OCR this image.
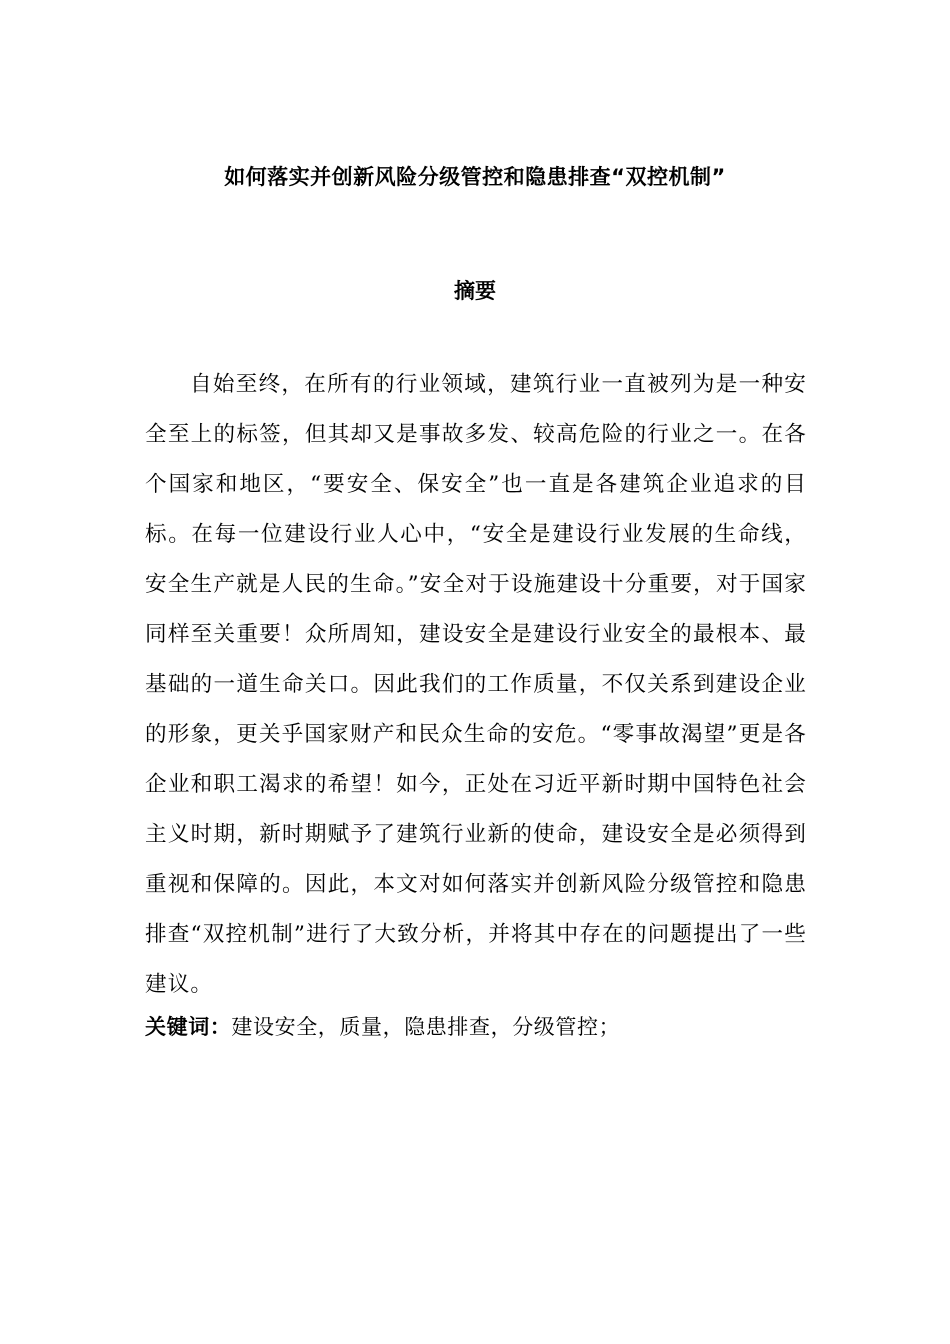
如何落实并创新风险分级管控和隐患排查“双控机制”
摘要

自始至终，在所有的行业领域，建筑行业一直被列为是一种安全至上的标签，但其却又是事故多发、较高危险的行业之一。在各个国家和地区，“要安全、保安全”也一直是各建筑企业追求的目标。在每一位建设行业人心中，“安全是建设行业发展的生命线，安全生产就是人民的生命。”安全对于设施建设十分重要，对于国家同样至关重要！众所周知，建设安全是建设行业安全的最根本、最基础的一道生命关口。因此我们的工作质量，不仅关系到建设企业的形象，更关乎国家财产和民众生命的安危。“零事故渴望”更是各企业和职工渴求的希望！如今，正处在习近平新时期中国特色社会主义时期，新时期赋予了建筑行业新的使命，建设安全是必须得到重视和保障的。因此，本文对如何落实并创新风险分级管控和隐患排查“双控机制”进行了大致分析，并将其中存在的问题提出了一些建议。

关键词：建设安全，质量，隐患排查，分级管控；
